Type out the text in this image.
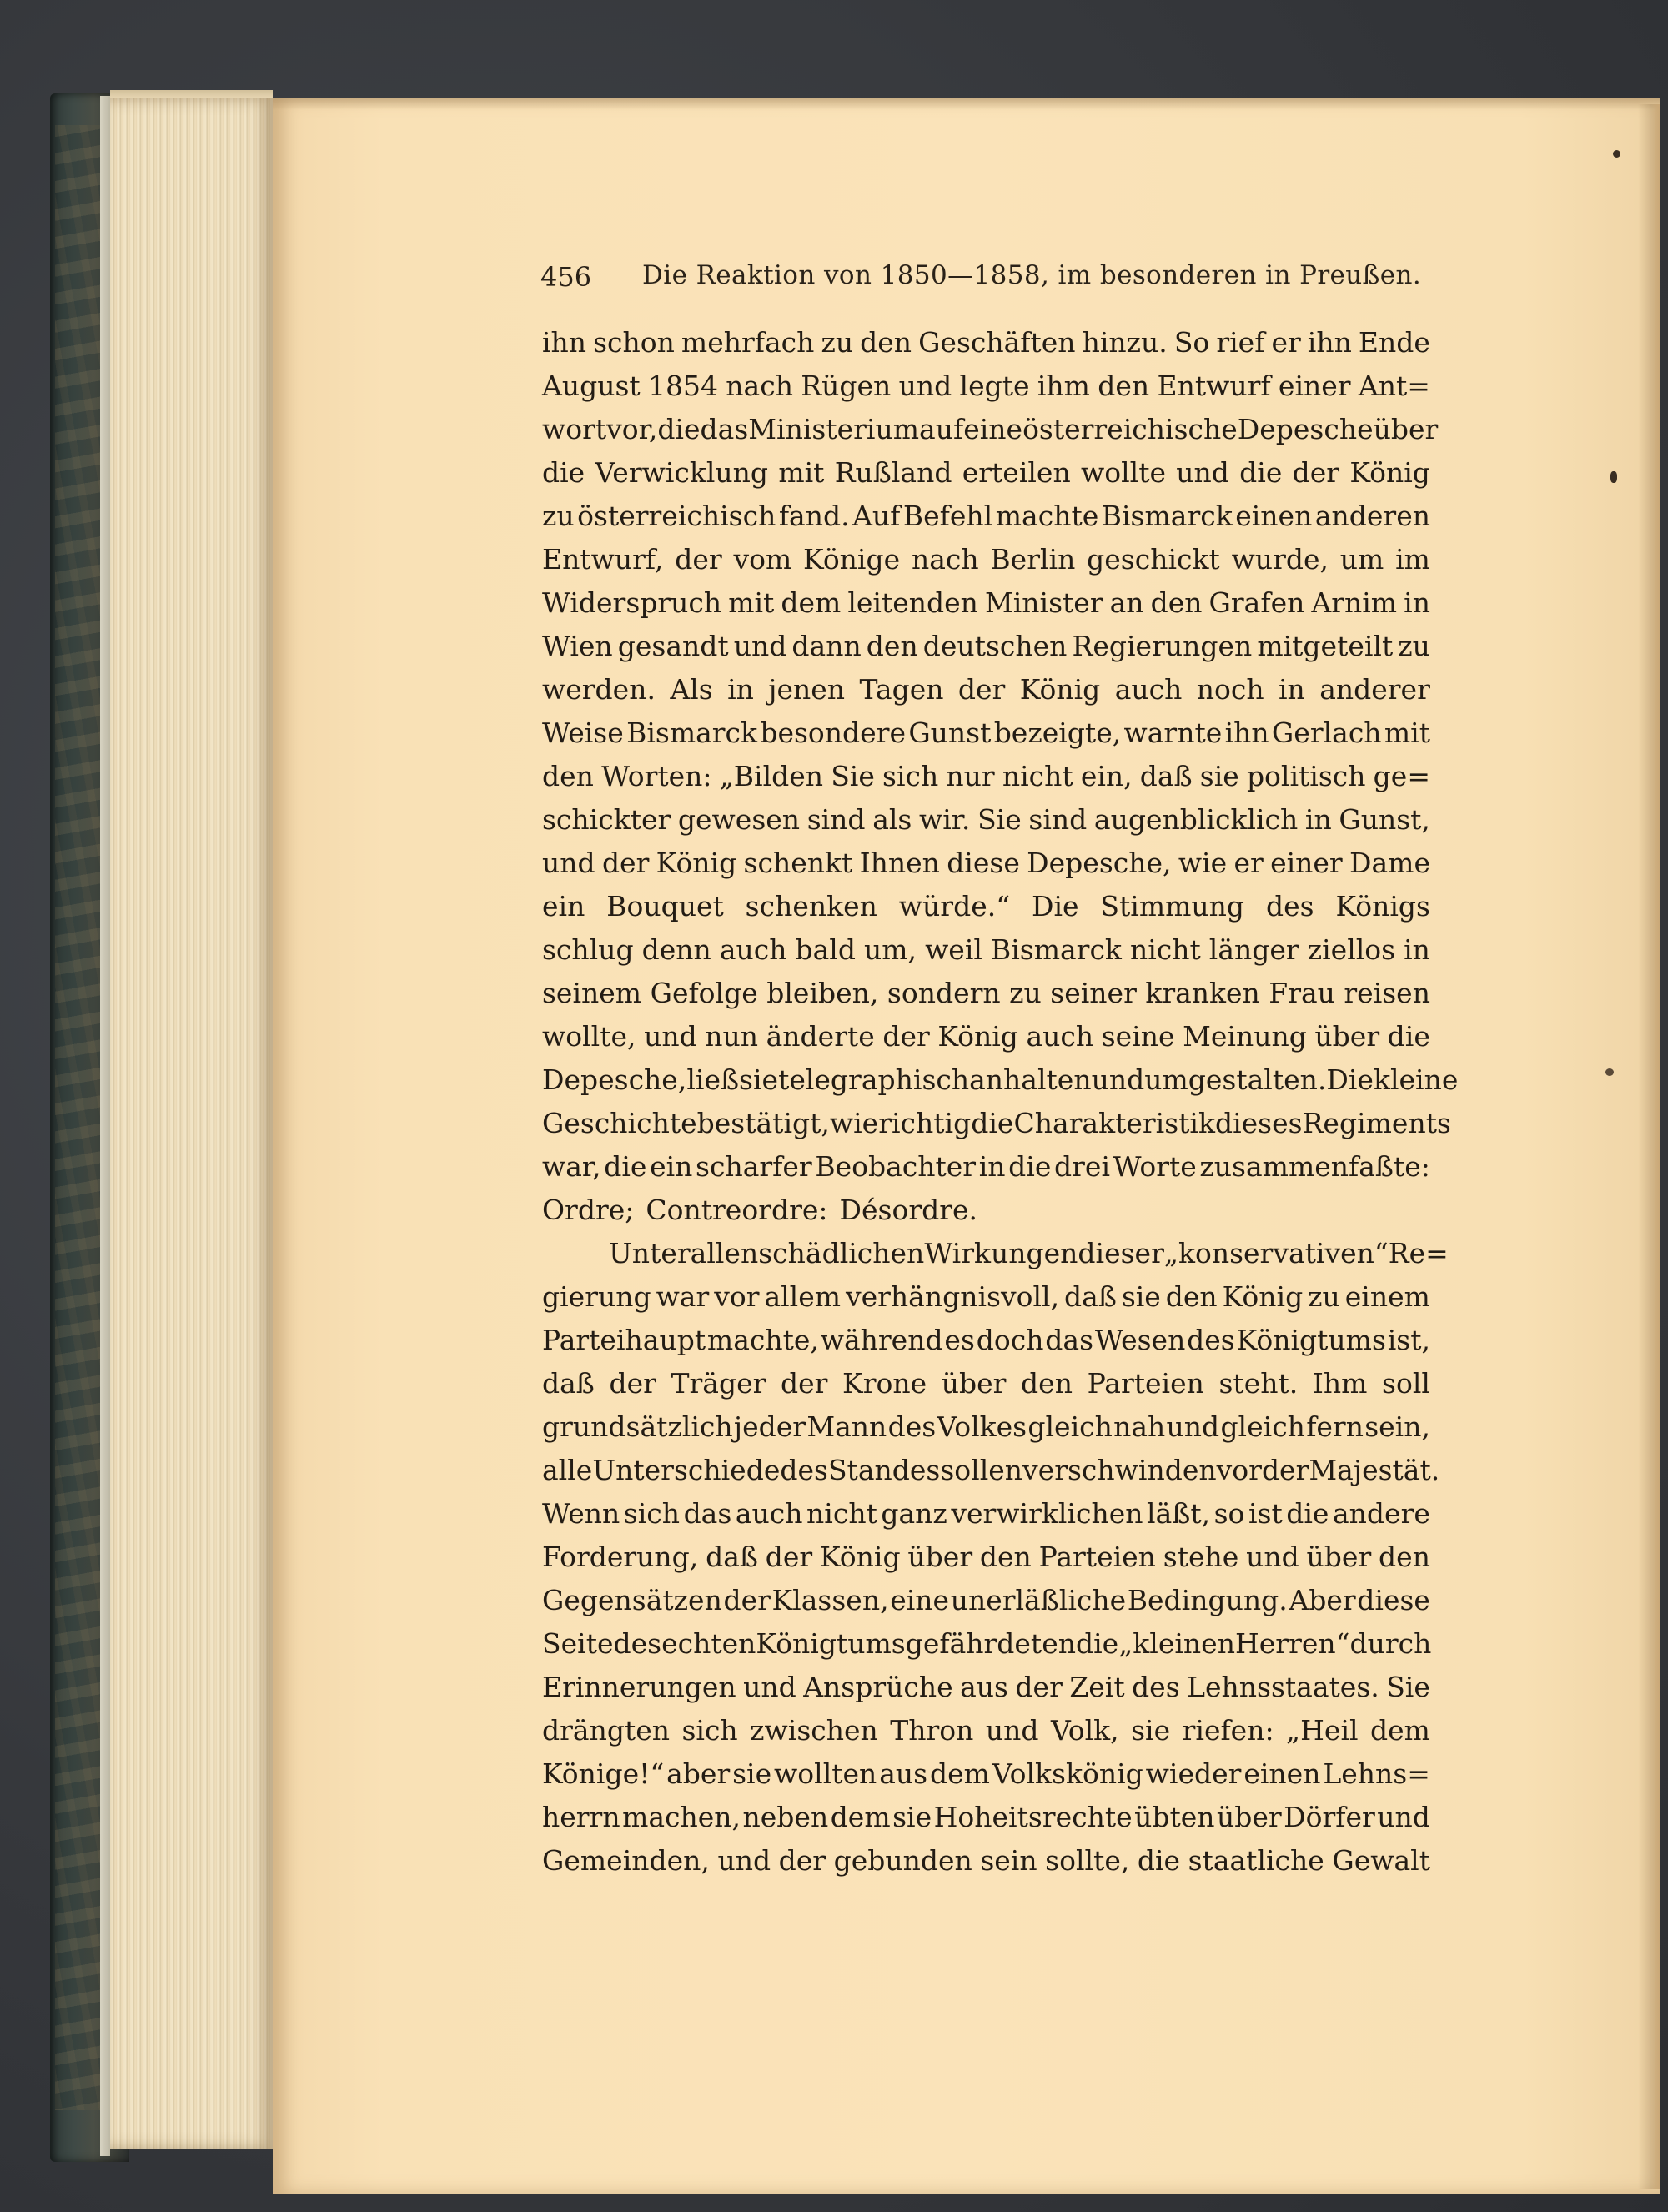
456 Die Reaktion von 1850—1858, im besonderen in Preußen.
ihn schon mehrfach zu den Geschäften hinzu. So rief er ihn Ende
August 1854 nach Rügen und legte ihm den Entwurf einer Ant=
wort vor, die das Ministerium auf eine österreichische Depesche über
die Verwicklung mit Rußland erteilen wollte und die der König
zu österreichisch fand. Auf Befehl machte Bismarck einen anderen
Entwurf, der vom Könige nach Berlin geschickt wurde, um im
Widerspruch mit dem leitenden Minister an den Grafen Arnim in
Wien gesandt und dann den deutschen Regierungen mitgeteilt zu
werden. Als in jenen Tagen der König auch noch in anderer
Weise Bismarck besondere Gunst bezeigte, warnte ihn Gerlach mit
den Worten: „Bilden Sie sich nur nicht ein, daß sie politisch ge=
schickter gewesen sind als wir. Sie sind augenblicklich in Gunst,
und der König schenkt Ihnen diese Depesche, wie er einer Dame
ein Bouquet schenken würde.“ Die Stimmung des Königs
schlug denn auch bald um, weil Bismarck nicht länger ziellos in
seinem Gefolge bleiben, sondern zu seiner kranken Frau reisen
wollte, und nun änderte der König auch seine Meinung über die
Depesche, ließ sie telegraphisch anhalten und umgestalten. Die kleine
Geschichte bestätigt, wie richtig die Charakteristik dieses Regiments
war, die ein scharfer Beobachter in die drei Worte zusammenfaßte:
Ordre; Contreordre: Désordre.
Unter allen schädlichen Wirkungen dieser „konservativen“ Re=
gierung war vor allem verhängnisvoll, daß sie den König zu einem
Parteihaupt machte, während es doch das Wesen des Königtums ist,
daß der Träger der Krone über den Parteien steht. Ihm soll
grundsätzlich jeder Mann des Volkes gleich nah und gleich fern sein,
alle Unterschiede des Standes sollen verschwinden vor der Majestät.
Wenn sich das auch nicht ganz verwirklichen läßt, so ist die andere
Forderung, daß der König über den Parteien stehe und über den
Gegensätzen der Klassen, eine unerläßliche Bedingung. Aber diese
Seite des echten Königtums gefährdeten die „kleinen Herren“ durch
Erinnerungen und Ansprüche aus der Zeit des Lehnsstaates. Sie
drängten sich zwischen Thron und Volk, sie riefen: „Heil dem
Könige!“ aber sie wollten aus dem Volkskönig wieder einen Lehns=
herrn machen, neben dem sie Hoheitsrechte übten über Dörfer und
Gemeinden, und der gebunden sein sollte, die staatliche Gewalt
